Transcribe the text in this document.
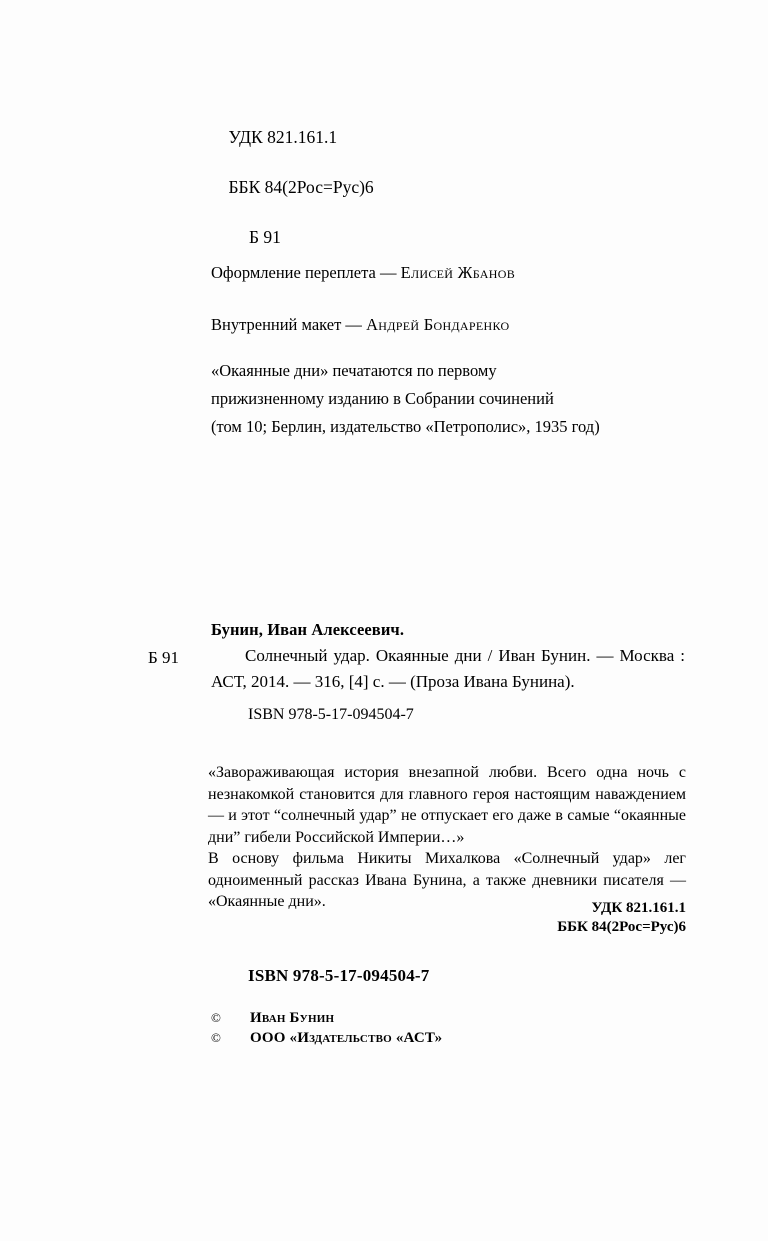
УДК 821.161.1

ББК 84(2Рос=Рус)6

Б 91

Оформление переплета — Елисей Жбанов
Внутренний макет — Андрей Бондаренко
«Окаянные дни» печатаются по первому
прижизненному изданию в Собрании сочинений
(том 10; Берлин, издательство «Петрополис», 1935 год)
Б 91
Бунин, Иван Алексеевич.
Солнечный удар. Окаянные дни / Иван Бунин. — Москва : АСТ, 2014. — 316, [4] с. — (Проза Ивана Бунина).
ISBN 978-5-17-094504-7

«Завораживающая история внезапной любви. Всего одна ночь с незнакомкой становится для главного героя настоящим наваждением — и этот “солнечный удар” не отпускает его даже в самые “окаянные дни” гибели Российской Империи…»

В основу фильма Никиты Михалкова «Солнечный удар» лег одноименный рассказ Ивана Бунина, а также дневники писателя — «Окаянные дни».	УДК 821.161.1
ББК 84(2Рос=Рус)6
ISBN 978-5-17-094504-7
©	Иван Бунин
©	ООО «Издательство «АСТ»
